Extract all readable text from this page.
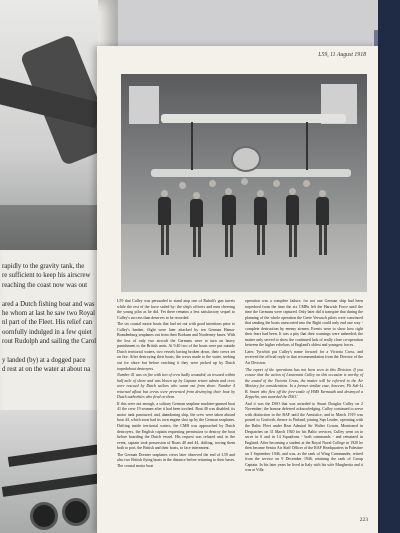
rapidly to the gravity tank, the

re sufficient to keep his airscrew

reaching the coast now was out

ared a Dutch fishing boat and was

he whom at last he saw two Royal

nl part of the Fleet. His relief can

oornfully indulged in a few quiet

rout Rudolph and sailing the Carol

y landed (by) at a dogged pace

d rest at on the water at about na

L59, 11 August 1918

L59 that Culley was persuaded to stand atop one of Ruhalt's gun turrets while the rest of the force sailed by: the ship's officers and men cheering the young pilot as he did. Yet there remains a less satisfactory sequel to Culley's success than deserves to be recorded.

The six coastal motor boats that had set out with good intentions prior to Culley's lumber, flight were later attacked by ten German Hansa-Brandenburg seaplanes out from their Borkum and Norderney bases. With the loss of only two aircraft the Germans were to turn on heavy punishment to the British units. At 9.40 two of the boats were put outside Dutch territorial waters, two vessels having broken down, their crews set on fire. After destroying their boats, the crews made to the water, seeking out for shore but before reaching it they were picked up by Dutch torpedoboat destroyers.

Number 41 was on fire with two of crew badly wounded; as rescued within half mile of shore and was blown up by Captain return admin and crew were rescued by Dutch sailors who swam out from shore. Number 4 returned afloat but crews were prevented from destroying their boat by Dutch authorities who fired on them.

If this were not enough, a solitary German seaplane machine-gunned boat 41 the crew 19 seamen after it had been torched. Boat 40 was disabled, its motor tank punctured, and, abandoning ship, the crew were taken aboard boat 44, which soon had its own engine shot up by the German seaplanes. Drifting inside territorial waters, the CMB was approached by Dutch destroyers, the English captain requesting permission to destroy the boat before boarding the Dutch vessel. His request was refused and, in the event, captain took possession of Boats 40 and 44, drifting, towing them both to port, the British and their boats, to face internment.

The German Dornier seaplanes crews later observed the end of L59 and also two British flying boats in the distance before returning to their bases. The coastal motor boat

operation was a complete failure, for not one German ship had been torpedoed from the time the six CMBs left the Harwich Force until the time the Germans were captured. Only later did it transpire that during the planning of the whole operation the Grete Verwuch pilots were convinced that sending the boats unescorted into the Bight could only end one way - complete destruction by enemy airmen. Events were to show how right their fears had been. It was a pity that their warnings were unheeded; the matter only served to show the continued lack of really close co-operation between the higher echelons of England's oldest and youngest forces.

Later, Tyrwhitt put Culley's name forward for a Victoria Cross, and received the official reply to that recommendation from the Director of the Air Division:

'The report of the operations has not been seen in this Division. If you concur that the action of Lieutenant Culley on this occasion is worthy of the award of the Victoria Cross, the matter will be referred to the Air Ministry for consideration. In a former similar case, however, Flt Sub-Lt B. Smart who flew off the fore-castle of HMS Yarmouth and destroyed a Zeppelin, was awarded the DSO.'

And it was the DSO that was awarded to Stuart Douglas Culley on 2 November; the honour deferred acknowledging. Culley continued to serve with distinction in the RAF until the Armistice, and in March 1919 was posted to Gosforth, thence to Finland, joining Sqn Leader, operating with the Baltic Fleet under Rear Admiral Sir Walter Cowan. Mentioned in Despatches on 31 March 1920 for his Baltic services, Culley went on to serve in 6 and in 14 Squadrons - both commands - and remained in England. After becoming a student at the Royal Naval College in 1920 he then became Senior Air Staff Officer of the RAF Headquarters in Palestine on 3 September 1946, and was, as the rank of Wing Commander, retired from the service on 9 December 1946, retaining the rank of Group Captain. In his later years he lived in Italy with his wife Margherita and it was at Villa

223
